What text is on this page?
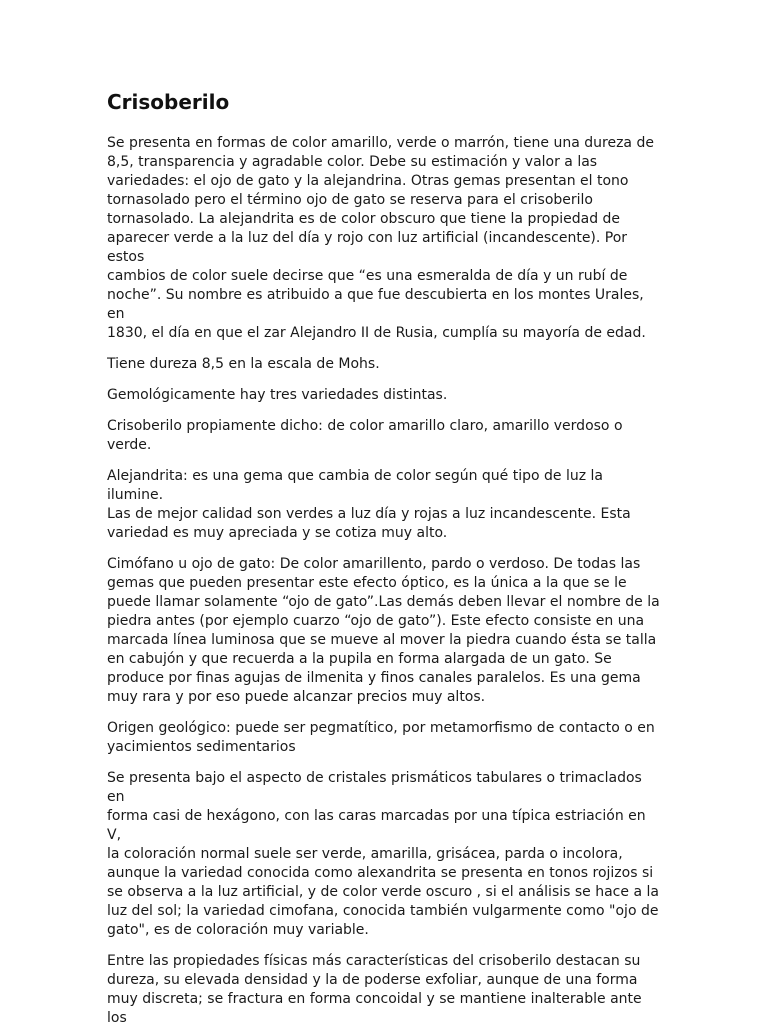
Crisoberilo

Se presenta en formas de color amarillo, verde o marrón, tiene una dureza de
8,5, transparencia y agradable color. Debe su estimación y valor a las
variedades: el ojo de gato y la alejandrina. Otras gemas presentan el tono
tornasolado pero el término ojo de gato se reserva para el crisoberilo
tornasolado. La alejandrita es de color obscuro que tiene la propiedad de
aparecer verde a la luz del día y rojo con luz artificial (incandescente). Por estos
cambios de color suele decirse que “es una esmeralda de día y un rubí de
noche”. Su nombre es atribuido a que fue descubierta en los montes Urales, en
1830, el día en que el zar Alejandro II de Rusia, cumplía su mayoría de edad.

Tiene dureza 8,5 en la escala de Mohs.

Gemológicamente hay tres variedades distintas.

Crisoberilo propiamente dicho: de color amarillo claro, amarillo verdoso o
verde.

Alejandrita: es una gema que cambia de color según qué tipo de luz la ilumine.
Las de mejor calidad son verdes a luz día y rojas a luz incandescente. Esta
variedad es muy apreciada y se cotiza muy alto.

Cimófano u ojo de gato: De color amarillento, pardo o verdoso. De todas las
gemas que pueden presentar este efecto óptico, es la única a la que se le
puede llamar solamente “ojo de gato”.Las demás deben llevar el nombre de la
piedra antes (por ejemplo cuarzo “ojo de gato”). Este efecto consiste en una
marcada línea luminosa que se mueve al mover la piedra cuando ésta se talla
en cabujón y que recuerda a la pupila en forma alargada de un gato. Se
produce por finas agujas de ilmenita y finos canales paralelos. Es una gema
muy rara y por eso puede alcanzar precios muy altos.

Origen geológico: puede ser pegmatítico, por metamorfismo de contacto o en
yacimientos sedimentarios

Se presenta bajo el aspecto de cristales prismáticos tabulares o trimaclados en
forma casi de hexágono, con las caras marcadas por una típica estriación en V,
la coloración normal suele ser verde, amarilla, grisácea, parda o incolora,
aunque la variedad conocida como alexandrita se presenta en tonos rojizos si
se observa a la luz artificial, y de color verde oscuro , si el análisis se hace a la
luz del sol; la variedad cimofana, conocida también vulgarmente como "ojo de
gato", es de coloración muy variable.

Entre las propiedades físicas más características del crisoberilo destacan su
dureza, su elevada densidad y la de poderse exfoliar, aunque de una forma
muy discreta; se fractura en forma concoidal y se mantiene inalterable ante los
